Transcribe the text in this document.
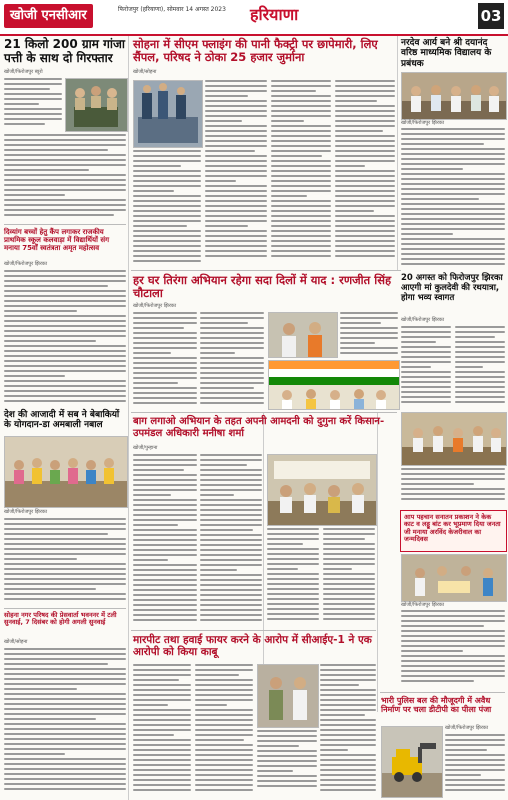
खोजी एनसीआर	फिरोजपुर (हरियाणा), सोमवार 14 अगस्त 2023	हरियाणा	03
21 किलो 200 ग्राम गांजा पत्ती के साथ दो गिरफ्तार
खोजी/फिरोजपुर ब्यूरो
सोहना में सीएम फ्लाइंग की पानी फैक्ट्री पर छापेमारी, लिए सैंपल, परिषद ने ठोका 25 हजार जुर्माना
खोजी/सोहना
नरदेव आर्य बने श्री दयानंद वरिष्ठ माध्यमिक विद्यालय के प्रबंधक
खोजी/फिरोजपुर झिरका
दिव्यांग बच्चों हेतु कैंप लगाकर राजकीय प्राथमिक स्कूल कलवाड़ा में विद्यार्थियों संग मनाया 75वाँ स्वतंत्रता अमृत महोत्सव
खोजी/फिरोजपुर झिरका
हर घर तिरंगा अभियान रहेगा सदा दिलों में याद : रणजीत सिंह चौटाला
खोजी/फिरोजपुर झिरका
20 अगस्त को फिरोजपुर झिरका आएगी मां कुलदेवी की रथयात्रा, होगा भव्य स्वागत
खोजी/फिरोजपुर झिरका
देश की आजादी में सब ने बेबाकियों के योगदान-डा अमबाली नबाल
खोजी/फिरोजपुर झिरका
बाग लगाओ अभियान के तहत अपनी आमदनी को दुगुना करें किसान- उपमंडल अधिकारी मनीषा शर्मा
खोजी/पुन्हाना
आप पहचान सनातन प्रकाशन ने केक काट व लड्डू बांट कर भूप्रमाण दिया जनता जी मनाया अरविंद केजरीवाल का जन्मदिवस
खोजी/फिरोजपुर झिरका
सोहना नगर परिषद की प्रेसवार्ता भवननर में टली सुनवाई, 7 दिसंबर को होगी अगली सुनवाई
खोजी/सोहना	मारपीट तथा हवाई फायर करने के आरोप में सीआईए-1 ने एक आरोपी को किया काबू
भारी पुलिस बल की मौजूदगी में अवैध निर्माण पर चला डीटीपी का पीला पंजा
खोजी/फिरोजपुर झिरका
